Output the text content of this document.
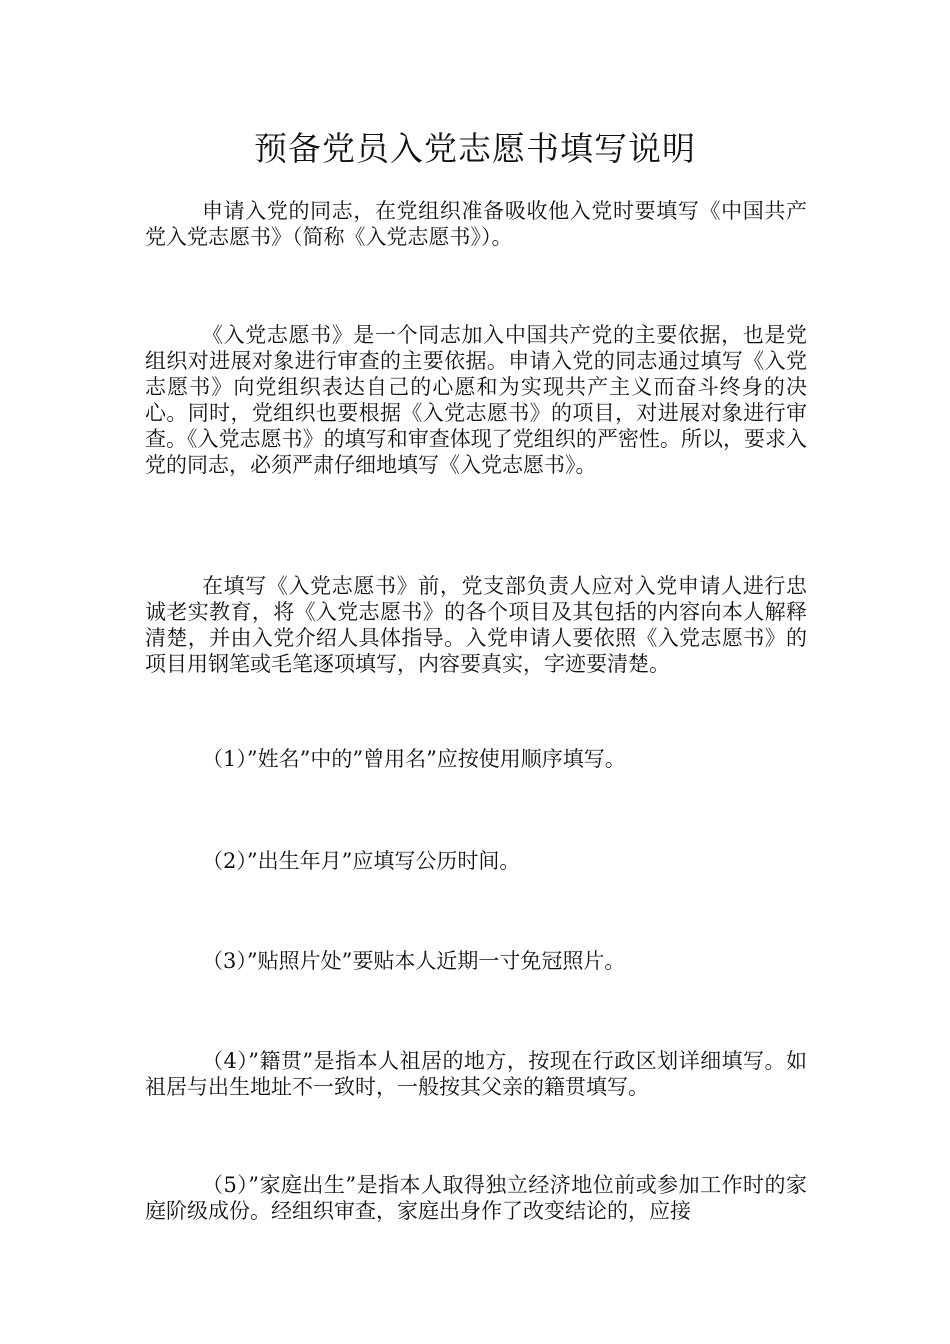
预备党员入党志愿书填写说明

申请入党的同志，在党组织准备吸收他入党时要填写《中国共产党入党志愿书》（简称《入党志愿书》）。

《入党志愿书》是一个同志加入中国共产党的主要依据，也是党组织对进展对象进行审查的主要依据。申请入党的同志通过填写《入党志愿书》向党组织表达自己的心愿和为实现共产主义而奋斗终身的决心。同时，党组织也要根据《入党志愿书》的项目，对进展对象进行审查。《入党志愿书》的填写和审查体现了党组织的严密性。所以，要求入党的同志，必须严肃仔细地填写《入党志愿书》。

在填写《入党志愿书》前，党支部负责人应对入党申请人进行忠诚老实教育，将《入党志愿书》的各个项目及其包括的内容向本人解释清楚，并由入党介绍人具体指导。入党申请人要依照《入党志愿书》的项目用钢笔或毛笔逐项填写，内容要真实，字迹要清楚。

（1）”姓名”中的”曾用名”应按使用顺序填写。

（2）”出生年月”应填写公历时间。

（3）”贴照片处”要贴本人近期一寸免冠照片。

（4）”籍贯”是指本人祖居的地方，按现在行政区划详细填写。如祖居与出生地址不一致时，一般按其父亲的籍贯填写。

（5）”家庭出生”是指本人取得独立经济地位前或参加工作时的家庭阶级成份。经组织审查，家庭出身作了改变结论的，应接
